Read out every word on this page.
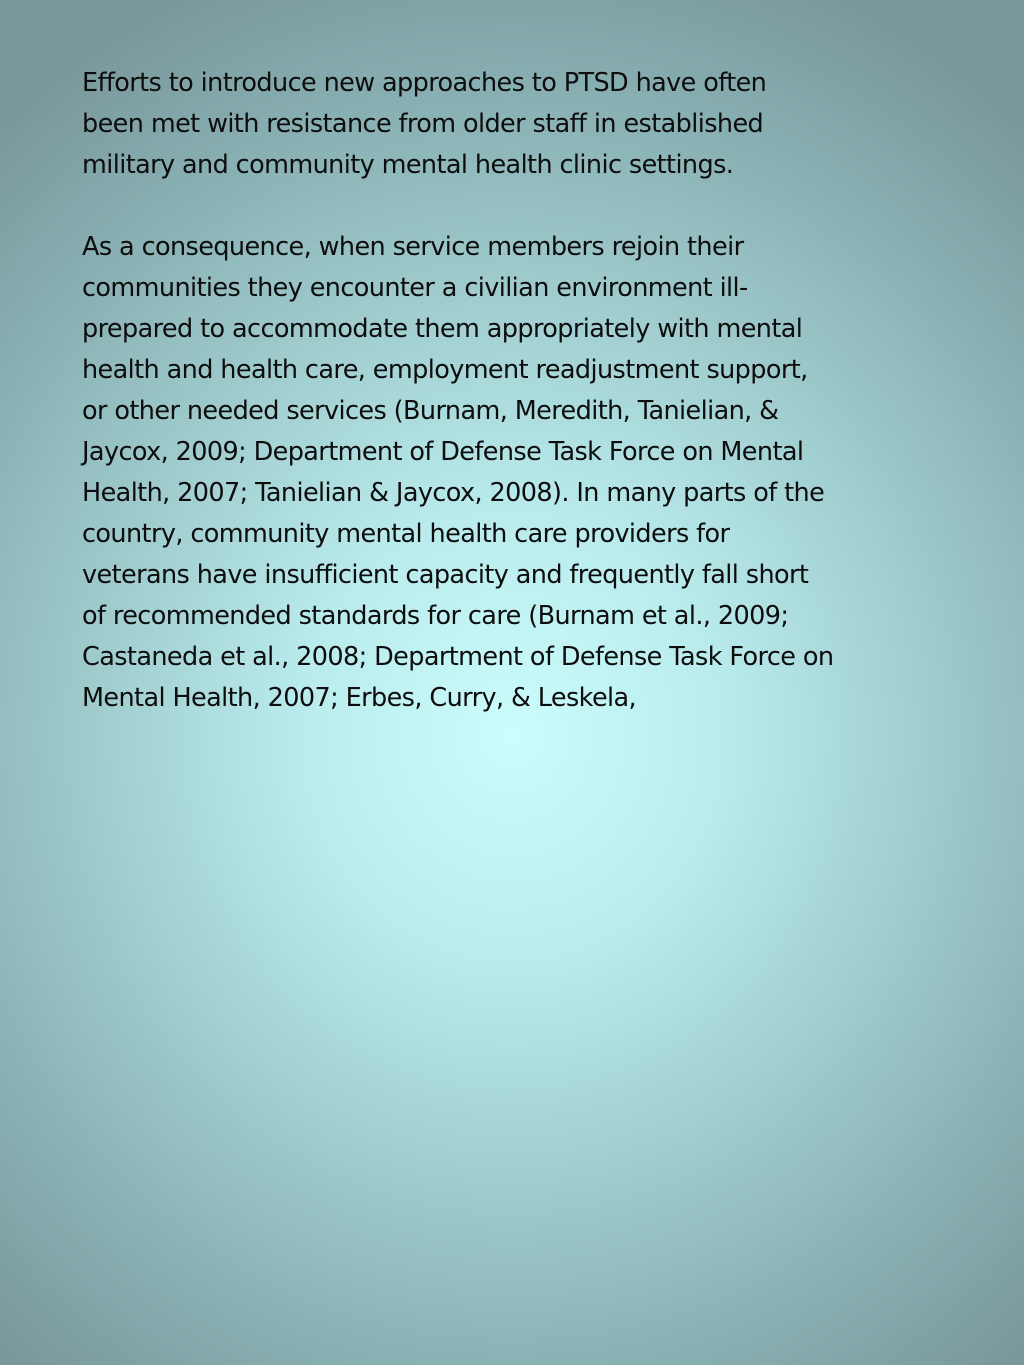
Efforts to introduce new approaches to PTSD have often
been met with resistance from older staff in established
military and community mental health clinic settings.

As a consequence, when service members rejoin their
communities they encounter a civilian environment ill-
prepared to accommodate them appropriately with mental
health and health care, employment readjustment support,
or other needed services (Burnam, Meredith, Tanielian, &
Jaycox, 2009; Department of Defense Task Force on Mental
Health, 2007; Tanielian & Jaycox, 2008). In many parts of the
country, community mental health care providers for
veterans have insufficient capacity and frequently fall short
of recommended standards for care (Burnam et al., 2009;
Castaneda et al., 2008; Department of Defense Task Force on
Mental Health, 2007; Erbes, Curry, & Leskela,
